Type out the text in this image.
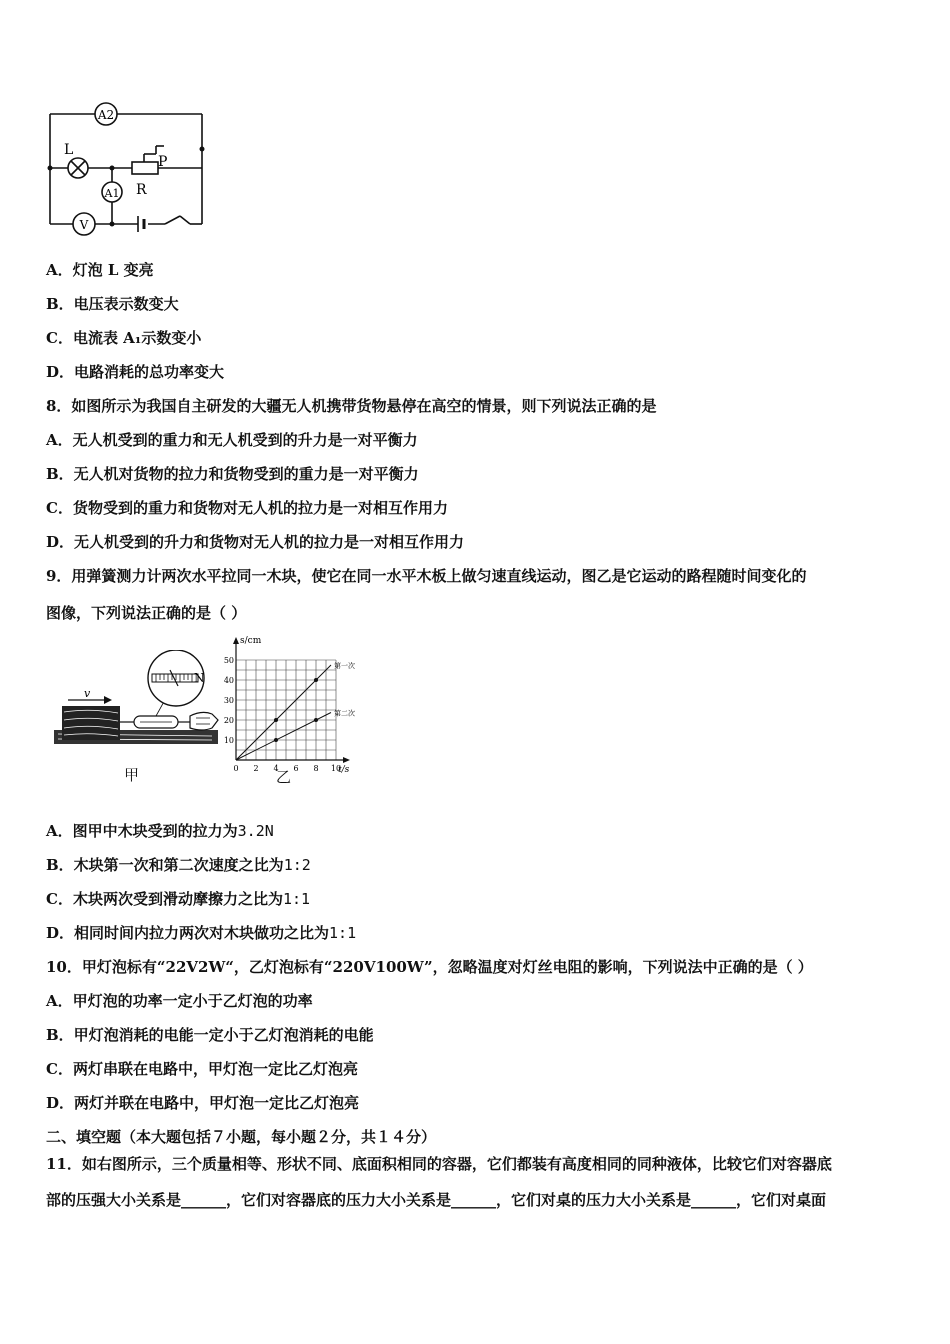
A2
A1
V
L
R
P
A．灯泡 L 变亮
B．电压表示数变大
C．电流表 A₁示数变小
D．电路消耗的总功率变大
8．如图所示为我国自主研发的大疆无人机携带货物悬停在高空的情景，则下列说法正确的是
A．无人机受到的重力和无人机受到的升力是一对平衡力
B．无人机对货物的拉力和货物受到的重力是一对平衡力
C．货物受到的重力和货物对无人机的拉力是一对相互作用力
D．无人机受到的升力和货物对无人机的拉力是一对相互作用力
9．用弹簧测力计两次水平拉同一木块，使它在同一水平木板上做匀速直线运动，图乙是它运动的路程随时间变化的
图像，下列说法正确的是（ ）
v
N
甲	0 2 4 6 8 10
10
20
30
40
50
s/cm
t/s
第一次
第二次
乙
A．图甲中木块受到的拉力为3.2N
B．木块第一次和第二次速度之比为1:2
C．木块两次受到滑动摩擦力之比为1:1
D．相同时间内拉力两次对木块做功之比为1:1
10．甲灯泡标有“22V2W“，乙灯泡标有“220V100W”，忽略温度对灯丝电阻的影响，下列说法中正确的是（ ）
A．甲灯泡的功率一定小于乙灯泡的功率
B．甲灯泡消耗的电能一定小于乙灯泡消耗的电能
C．两灯串联在电路中，甲灯泡一定比乙灯泡亮
D．两灯并联在电路中，甲灯泡一定比乙灯泡亮
二、填空题（本大题包括７小题，每小题２分，共１４分）
11．如右图所示，三个质量相等、形状不同、底面积相同的容器，它们都装有高度相同的同种液体，比较它们对容器底
部的压强大小关系是______，它们对容器底的压力大小关系是______，它们对桌的压力大小关系是______，它们对桌面
